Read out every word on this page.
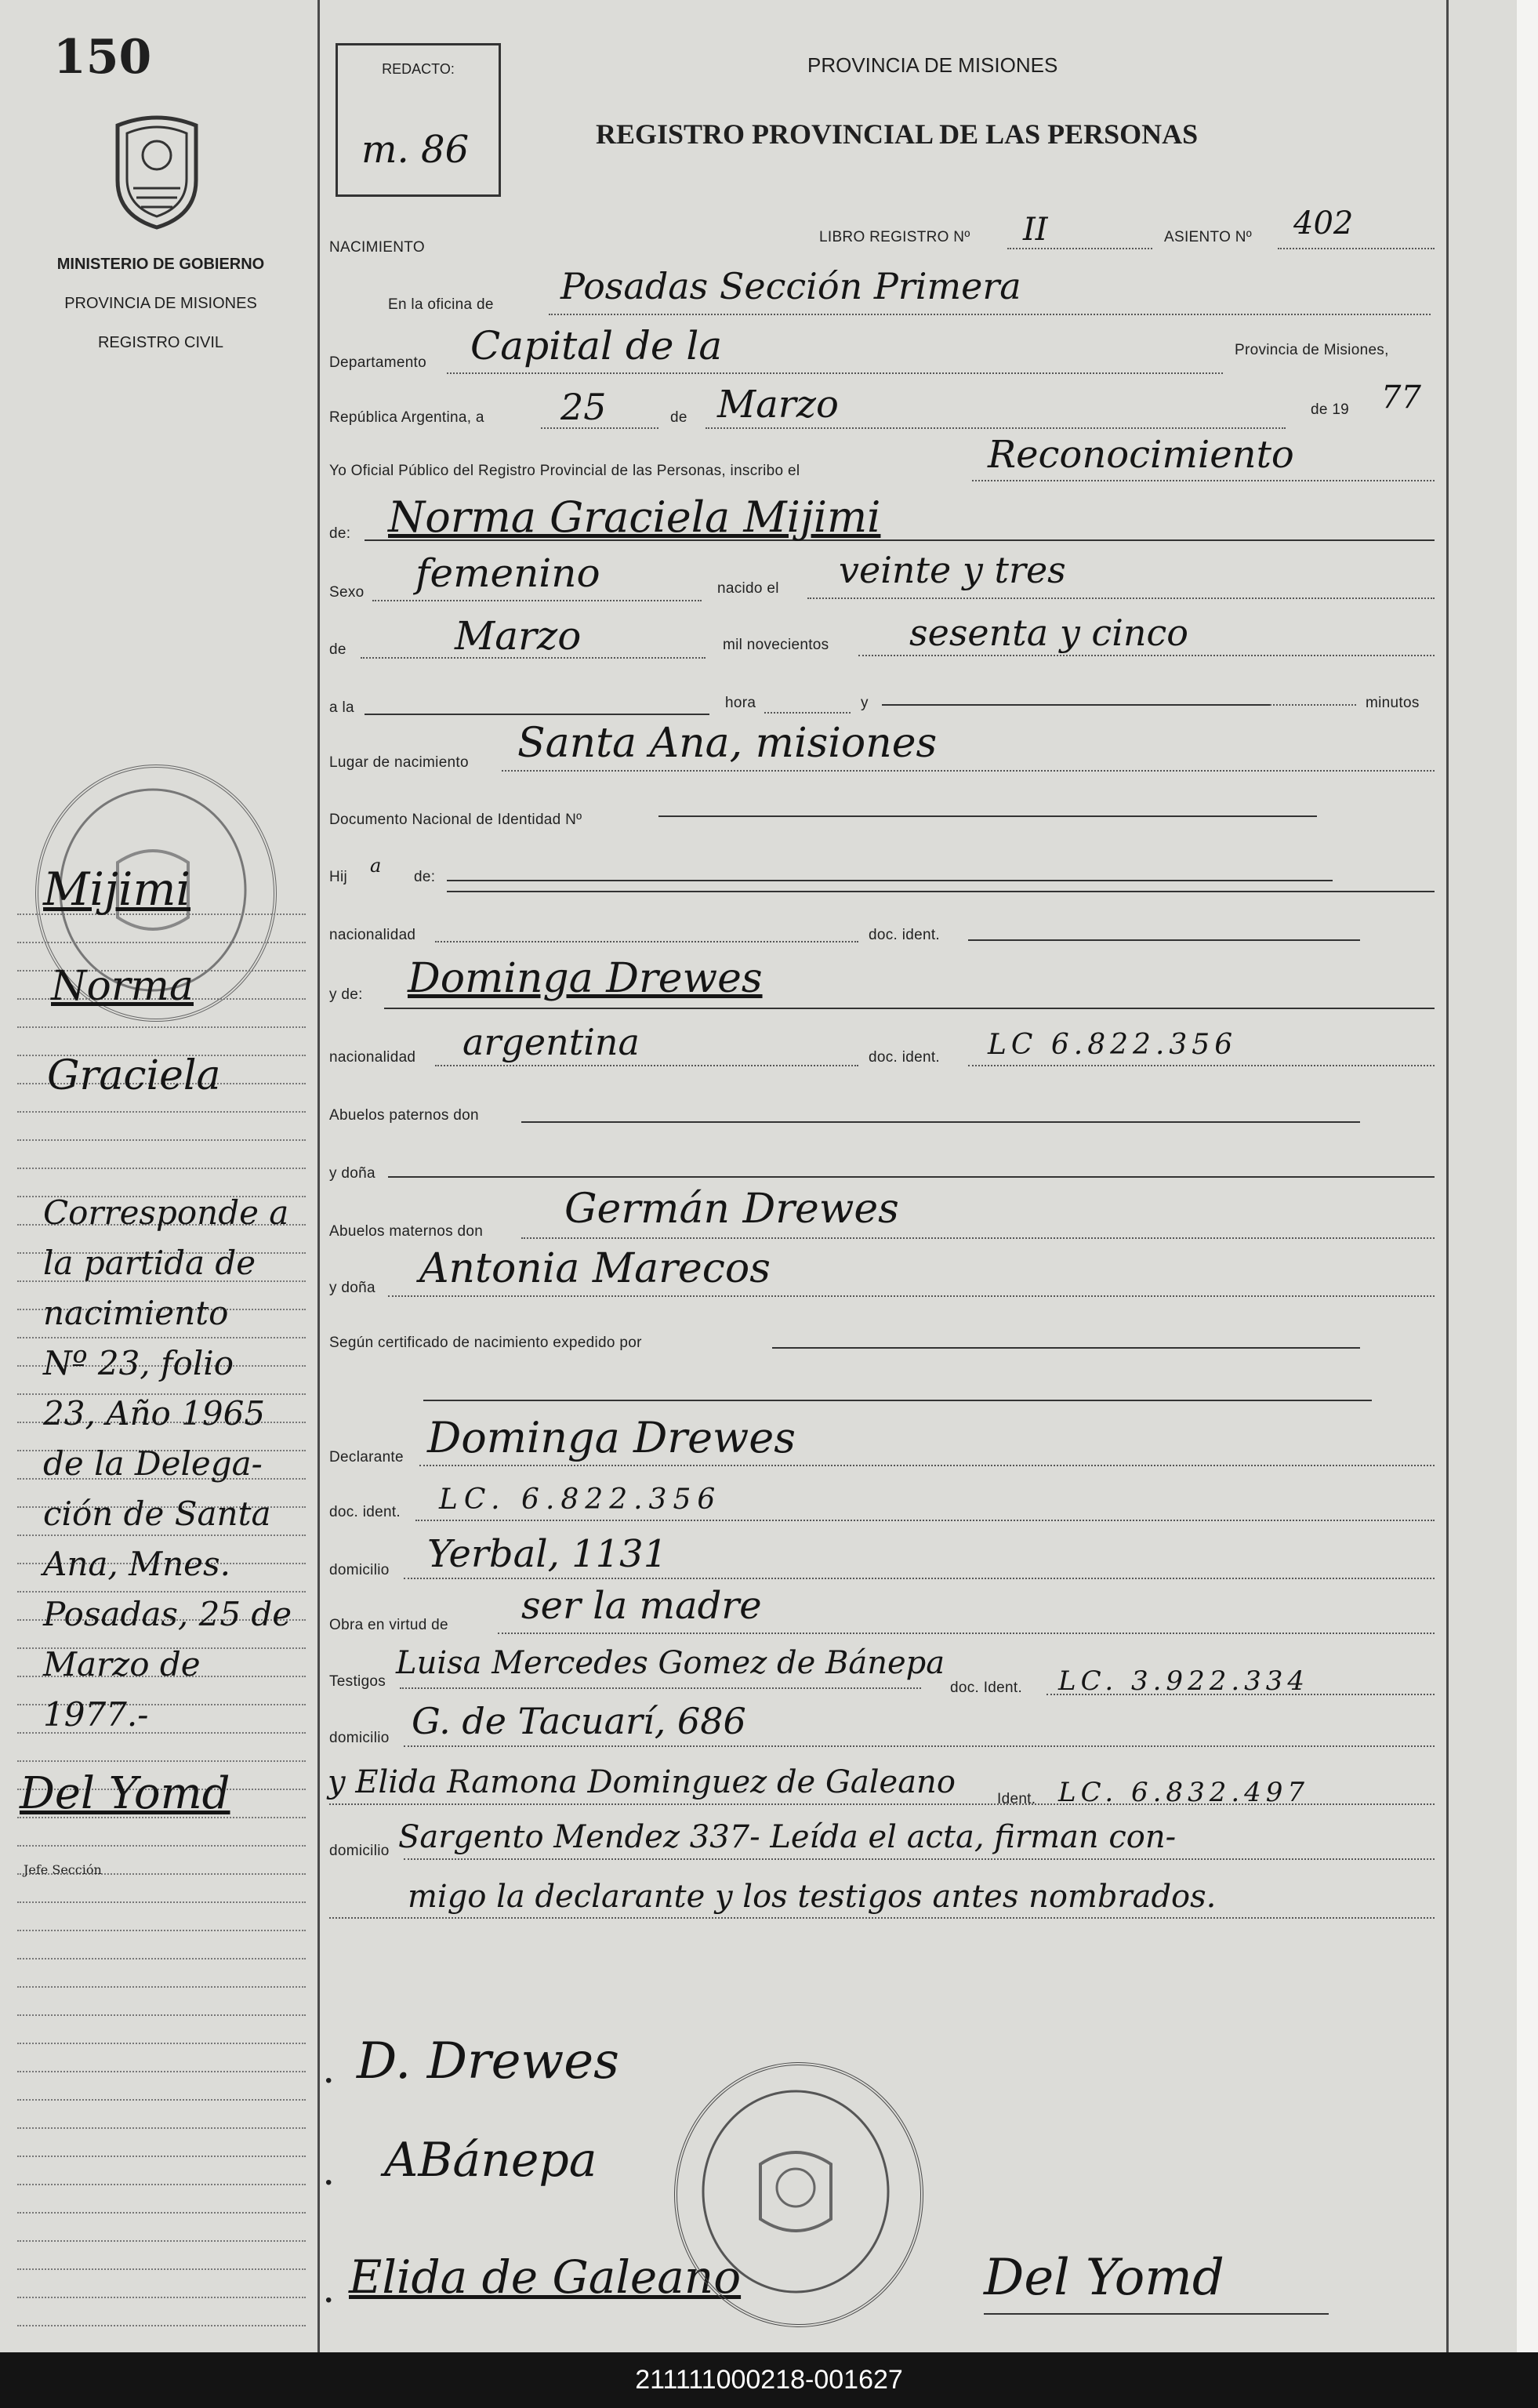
150
MINISTERIO DE GOBIERNO
PROVINCIA DE MISIONES
REGISTRO CIVIL
REDACTO:
m. 86
PROVINCIA DE MISIONES
REGISTRO PROVINCIAL DE LAS PERSONAS
NACIMIENTO
LIBRO REGISTRO Nº II	ASIENTO Nº 402
En la oficina de Posadas Sección Primera
Departamento Capital de la	Provincia de Misiones,
República Argentina, a 25	de Marzo	de 19 77
Yo Oficial Público del Registro Provincial de las Personas, inscribo el	Reconocimiento
de: Norma Graciela Mijimi
Sexo femenino	nacido el veinte y tres
de	Marzo	mil novecientos sesenta y cinco
a la	hora	y	minutos
Lugar de nacimiento Santa Ana, misiones
Documento Nacional de Identidad Nº
Hij
a
de:
nacionalidad	doc. ident.
y de: Dominga Drewes
nacionalidad argentina	doc. ident. LC 6.822.356
Abuelos paternos don
y doña
Abuelos maternos don Germán Drewes
y doña Antonia Marecos
Según certificado de nacimiento expedido por
Declarante Dominga Drewes
doc. ident. LC. 6.822.356
domicilio Yerbal, 1131
Obra en virtud de ser la madre
Testigos
Luisa Mercedes Gomez de Bánepa
doc. Ident. LC. 3.922.334
domicilio G. de Tacuarí, 686
y Elida Ramona Dominguez de Galeano	Ident. LC. 6.832.497
domicilio Sargento Mendez 337- Leída el acta, firman con-
migo la declarante y los testigos antes nombrados.
• D. Drewes
• ABánepa
• Elida de Galeano	Del Yomd
Mijimi
Norma
Graciela
Corresponde a
la partida de
nacimiento
Nº 23, folio
23, Año 1965
de la Delega-
ción de Santa
Ana, Mnes.
Posadas, 25 de
Marzo de 1977.-
Del Yomd
Jefe Sección
211111000218-001627
